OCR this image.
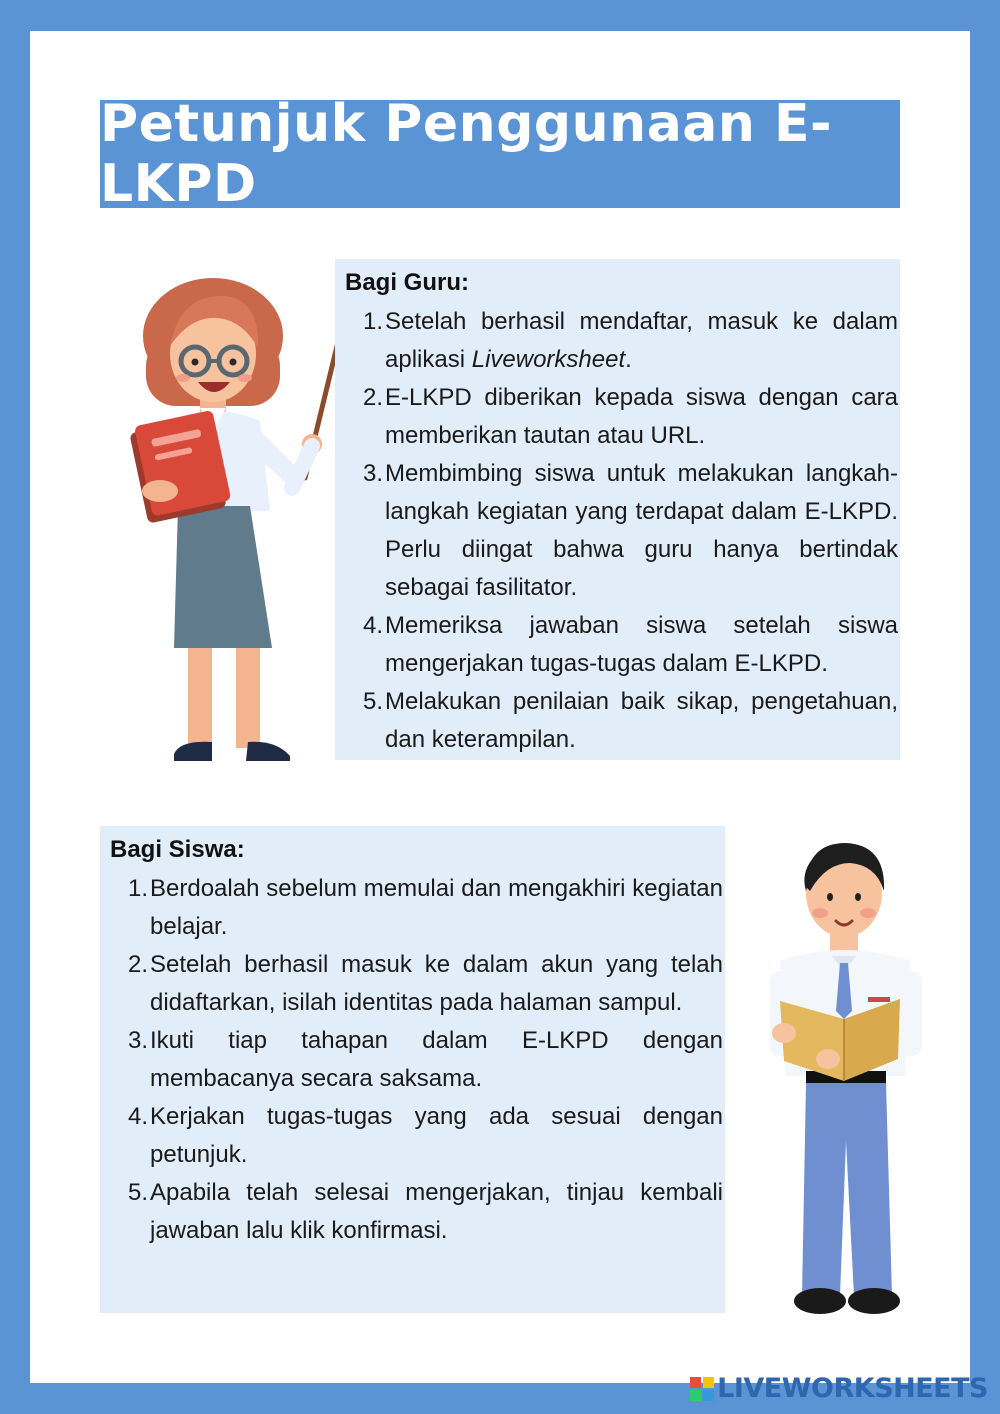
Petunjuk Penggunaan E-LKPD
Bagi Guru:
1. Setelah berhasil mendaftar, masuk ke dalam aplikasi Liveworksheet.
2. E-LKPD diberikan kepada siswa dengan cara memberikan tautan atau URL.
3. Membimbing siswa untuk melakukan langkah-langkah kegiatan yang terdapat dalam E-LKPD. Perlu diingat bahwa guru hanya bertindak sebagai fasilitator.
4. Memeriksa jawaban siswa setelah siswa mengerjakan tugas-tugas dalam E-LKPD.
5. Melakukan penilaian baik sikap, pengetahuan, dan keterampilan.
Bagi Siswa:
1. Berdoalah sebelum memulai dan mengakhiri kegiatan belajar.
2. Setelah berhasil masuk ke dalam akun yang telah didaftarkan, isilah identitas pada halaman sampul.
3. Ikuti tiap tahapan dalam E-LKPD dengan membacanya secara saksama.
4. Kerjakan tugas-tugas yang ada sesuai dengan petunjuk.
5. Apabila telah selesai mengerjakan, tinjau kembali jawaban lalu klik konfirmasi.
LIVEWORKSHEETS
